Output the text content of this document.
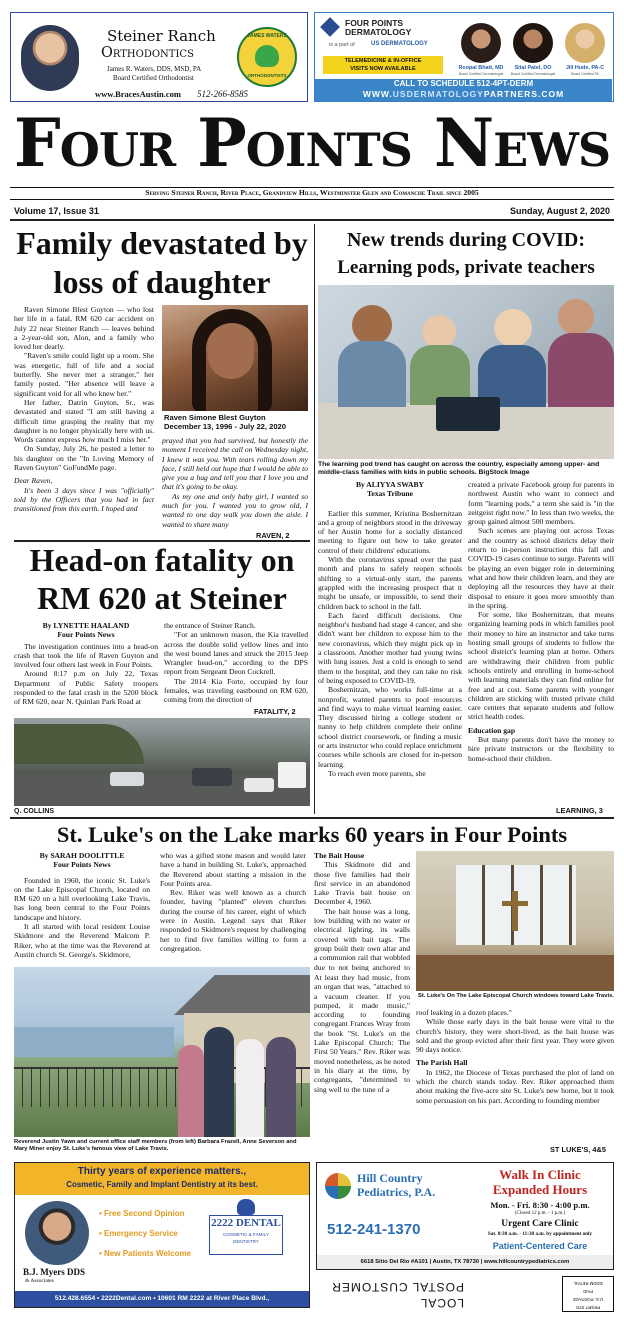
Steiner Ranch
Orthodontics
James R. Waters, DDS, MSD, PA
Board Certified Orthodontist
www.BracesAustin.com 512-266-8585
JAMES WATERS
ORTHODONTISTS
FOUR POINTS
DERMATOLOGY
is a part of	US DERMATOLOGY
TELEMEDICINE & IN-OFFICE
VISITS NOW AVAILABLE	Roopal Bhatt, MD
Board Certified Dermatologist
Sital Patel, DO
Board Certified Dermatologist
Jill Hude, PA-C
Board Certified PA
CALL TO SCHEDULE 512-4PT-DERM
WWW.USDERMATOLOGYPARTNERS.COM
Four Points News
Serving Steiner Ranch, River Place, Grandview Hills, Westminster Glen and Comanche Trail since 2005
Volume 17, Issue 31	Sunday, August 2, 2020
Family devastated by loss of daughter

Raven Simone Blest Guyton — who lost her life in a fatal, RM 620 car accident on July 22 near Steiner Ranch — leaves behind a 2-year-old son, Alon, and a family who loved her dearly.

"Raven's smile could light up a room. She was energetic, full of life and a social butterfly. She never met a stranger," her family posted. "Her absence will leave a significant void for all who knew her."

Her father, Datrin Guyton, Sr., was devastated and stated "I am still having a difficult time grasping the reality that my daughter is no longer physically here with us. Words cannot express how much I miss her."

On Sunday, July 26, he posted a letter to his daughter on the "In Loving Memory of Raven Guyton" GoFundMe page.

Dear Raven,

It's been 3 days since I was "officially" told by the Officers that you had in fact transitioned from this earth. I hoped and

Raven Simone Blest Guyton
December 13, 1996 - July 22, 2020

prayed that you had survived, but honestly the moment I received the call on Wednesday night, I knew it was you. With tears rolling down my face, I still held out hope that I would be able to give you a hug and tell you that I love you and that it's going to be okay.

As my one and only baby girl, I wanted so much for you. I wanted you to grow old, I wanted to one day walk you down the aisle. I wanted to share many

RAVEN, 2
Head-on fatality on RM 620 at Steiner

By LYNETTE HAALAND

Four Points News

The investigation continues into a head-on crash that took the life of Raven Guyton and involved four others last week in Four Points.

Around 8:17 p.m on July 22, Texas Department of Public Safety troopers responded to the fatal crash in the 5200 block of RM 620, near N. Quinlan Park Road at

the entrance of Steiner Ranch.

"For an unknown reason, the Kia travelled across the double solid yellow lines and into the west bound lanes and struck the 2015 Jeep Wrangler head-on," according to the DPS report from Sergeant Deon Cockrell.

The 2014 Kia Forte, occupied by four females, was traveling eastbound on RM 620, coming from the direction of

FATALITY, 2
Q. COLLINS
New trends during COVID:
Learning pods, private teachers
The learning pod trend has caught on across the country, especially among upper- and middle-class families with kids in public schools. BigStock Image

By ALIYYA SWABY

Texas Tribune

Earlier this summer, Kristina Boshernitzan and a group of neighbors stood in the driveway of her Austin home for a socially distanced meeting to figure out how to take greater control of their childrens' educations.

With the coronavirus spread over the past month and plans to safely reopen schools shifting to a virtual-only start, the parents grappled with the increasing prospect that it might be unsafe, or impossible, to send their children back to school in the fall.

Each faced difficult decisions. One neighbor's husband had stage 4 cancer, and she didn't want her children to expose him to the new coronavirus, which they might pick up in a classroom. Another mother had young twins with lung issues. Just a cold is enough to send them to the hospital, and they can take no risk of being exposed to COVID-19.

Boshernitzan, who works full-time at a nonprofit, wanted parents to pool resources and find ways to make virtual learning easier. They discussed hiring a college student or nanny to help children complete their online school district coursework, or finding a music or arts instructor who could replace enrichment courses while schools are closed for in-person learning.

To reach even more parents, she

created a private Facebook group for parents in northwest Austin who want to connect and form "learning pods," a term she said is "in the zeitgeist right now." In less than two weeks, the group gained almost 500 members.

Such scenes are playing out across Texas and the country as school districts delay their return to in-person instruction this fall and COVID-19 cases continue to surge. Parents will be playing an even bigger role in determining what and how their children learn, and they are deploying all the resources they have at their disposal to ensure it goes more smoothly than in the spring.

For some, like Boshernitzan, that means organizing learning pods in which families pool their money to hire an instructor and take turns hosting small groups of students to follow the school district's learning plan at home. Others are withdrawing their children from public schools entirely and enrolling in home-school with learning materials they can find online for free and at cost. Some parents with younger children are sticking with trusted private child care centers that separate students and follow strict health codes.

Education gap

But many parents don't have the money to hire private instructors or the flexibility to home-school their children.

LEARNING, 3
St. Luke's on the Lake marks 60 years in Four Points

By SARAH DOOLITTLE

Four Points News

Founded in 1960, the iconic St. Luke's on the Lake Episcopal Church, located on RM 620 on a hill overlooking Lake Travis, has long been central to the Four Points landscape and history.

It all started with local resident Louise Skidmore and the Reverend Malcom P. Riker, who at the time was the Reverend at Austin church St. George's. Skidmore,

who was a gifted stone mason and would later have a hand in building St. Luke's, approached the Reverend about starting a mission in the Four Points area.

Rev. Riker was well known as a church founder, having "planted" eleven churches during the course of his career, eight of which were in Austin. Legend says that Riker responded to Skidmore's request by challenging her to find five families willing to form a congregation.

The Bait House

This Skidmore did and those five families had their first service in an abandoned Lake Travis bait house on December 4, 1960.

The bait house was a long, low building with no water or electrical lighting, its walls covered with bait tags. The group built their own altar and a communion rail that wobbled due to not being anchored to

St. Luke's On The Lake Episcopal Church windows toward Lake Travis.
Reverend Justin Yawn and current office staff members (from left) Barbara Frazell, Anne Severson and Mary Miner enjoy St. Luke's famous view of Lake Travis.

At least they had music, from an organ that was, "attached to a vacuum cleaner. If you pumped, it made music," according to founding congregant Frances Wray from the book "St. Luke's on the Lake Episcopal Church: The First 50 Years." Rev. Riker was moved nonetheless, as he noted in his diary at the time, by congregants, "determined to sing well to the tune of a

roof leaking in a dozen places."

While those early days in the bait house were vital to the church's history, they were short-lived, as the bait house was sold and the group evicted after their first year. They were given 90 days notice.

The Parish Hall

In 1962, the Diocese of Texas purchased the plot of land on which the church stands today. Rev. Riker approached them about making the five-acre site St. Luke's new home, but it took some persuasion on his part. According to founding member

ST LUKE'S, 4&5
Thirty years of experience matters.,
Cosmetic, Family and Implant Dentistry at its best.
• Free Second Opinion
• Emergency Service
• New Patients Welcome
2222 DENTAL
COSMETIC & FAMILY
DENTISTRY
B.J. Myers DDS
& Associates
512.428.6554 • 2222Dental.com • 10601 RM 2222 at River Place Blvd.,
Hill Country
Pediatrics, P.A.
512-241-1370
Walk In Clinic
Expanded Hours
Mon. - Fri. 8:30 - 4:00 p.m.
(Closed 12 p.m. - 1 p.m.)
Urgent Care Clinic
Sat. 8:30 a.m. - 11:30 a.m. by appointment only
Patient-Centered Care
6618 Sitio Del Rio #A101 | Austin, TX 78730 | www.hillcountrypediatrics.com
PRSRT STD
U.S. POSTAGE
PAID
EDDM RETAIL
LOCAL
POSTAL CUSTOMER
